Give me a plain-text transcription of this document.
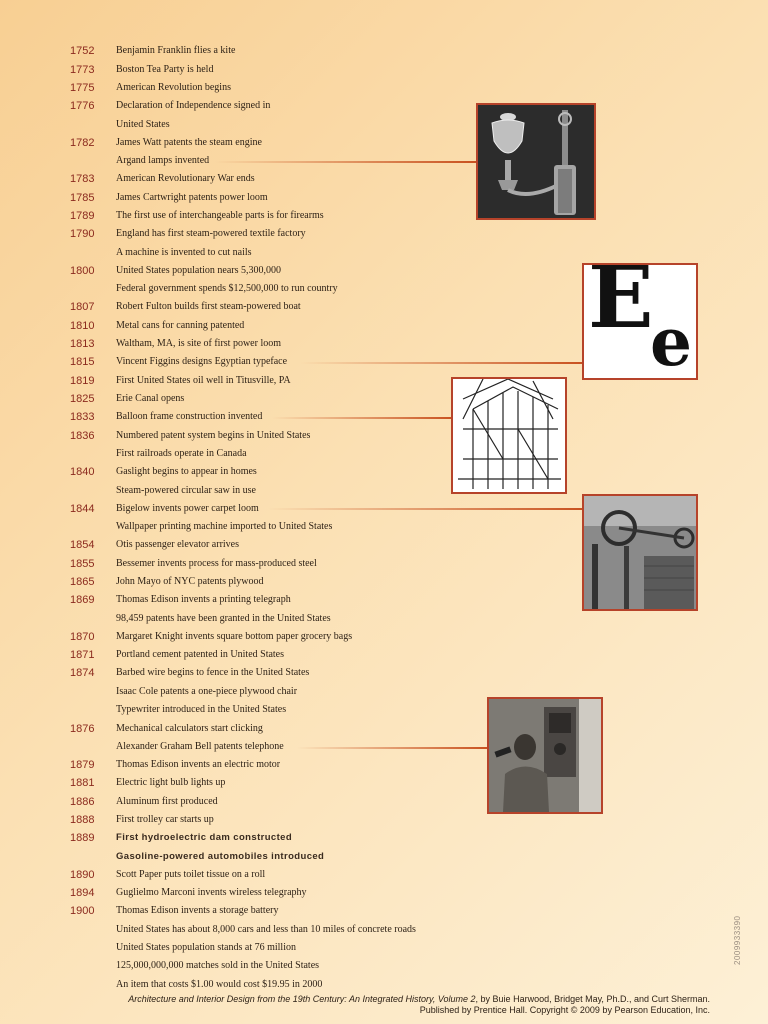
1752	Benjamin Franklin flies a kite
1773	Boston Tea Party is held
1775	American Revolution begins
1776	Declaration of Independence signed in
United States
1782	James Watt patents the steam engine
Argand lamps invented
1783	American Revolutionary War ends
1785	James Cartwright patents power loom
1789	The first use of interchangeable parts is for firearms
1790	England has first steam-powered textile factory
A machine is invented to cut nails
1800	United States population nears 5,300,000
Federal government spends $12,500,000 to run country
1807	Robert Fulton builds first steam-powered boat
1810	Metal cans for canning patented
1813	Waltham, MA, is site of first power loom
1815	Vincent Figgins designs Egyptian typeface
1819	First United States oil well in Titusville, PA
1825	Erie Canal opens
1833	Balloon frame construction invented
1836	Numbered patent system begins in United States
First railroads operate in Canada
1840	Gaslight begins to appear in homes
Steam-powered circular saw in use
1844	Bigelow invents power carpet loom
Wallpaper printing machine imported to United States
1854	Otis passenger elevator arrives
1855	Bessemer invents process for mass-produced steel
1865	John Mayo of NYC patents plywood
1869	Thomas Edison invents a printing telegraph
98,459 patents have been granted in the United States
1870	Margaret Knight invents square bottom paper grocery bags
1871	Portland cement patented in United States
1874	Barbed wire begins to fence in the United States
Isaac Cole patents a one-piece plywood chair
Typewriter introduced in the United States
1876	Mechanical calculators start clicking
Alexander Graham Bell patents telephone
1879	Thomas Edison invents an electric motor
1881	Electric light bulb lights up
1886	Aluminum first produced
1888	First trolley car starts up
1889	First hydroelectric dam constructed
Gasoline-powered automobiles introduced
1890	Scott Paper puts toilet tissue on a roll
1894	Guglielmo Marconi invents wireless telegraphy
1900	Thomas Edison invents a storage battery
United States has about 8,000 cars and less than 10 miles of concrete roads
United States population stands at 76 million
125,000,000,000 matches sold in the United States
An item that costs $1.00 would cost $19.95 in 2000
E
e
Architecture and Interior Design from the 19th Century: An Integrated History, Volume 2, by Buie Harwood, Bridget May, Ph.D., and Curt Sherman.
Published by Prentice Hall. Copyright © 2009 by Pearson Education, Inc.
2009933390
